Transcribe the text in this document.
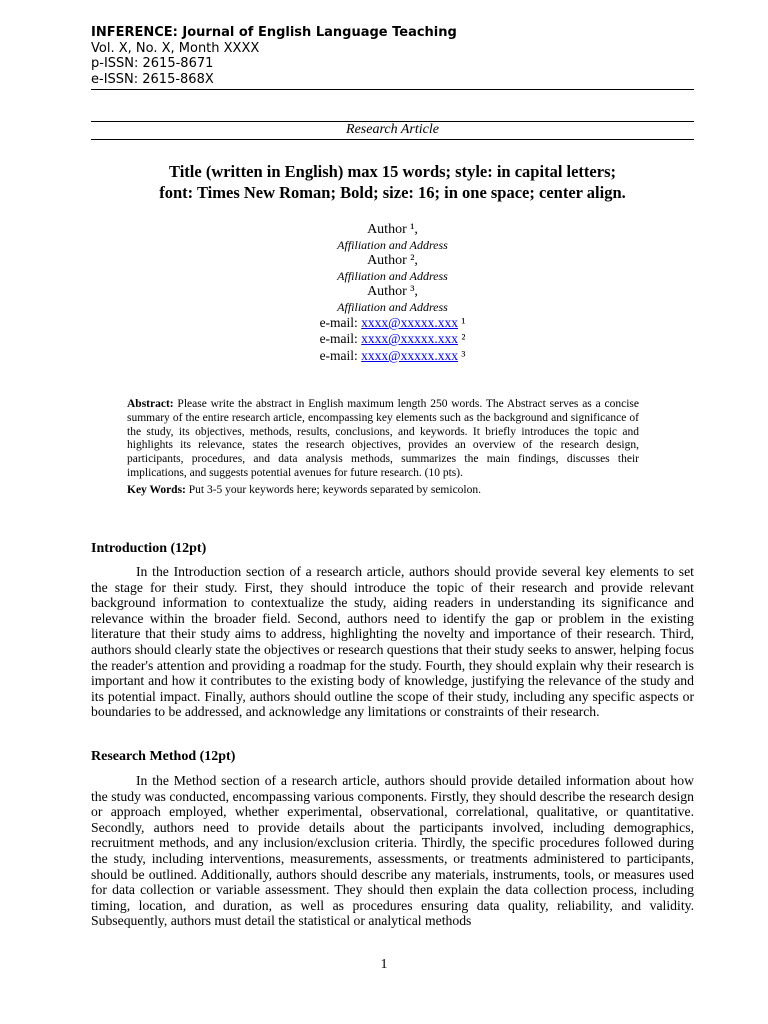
INFERENCE: Journal of English Language Teaching
Vol. X, No. X, Month XXXX
p-ISSN: 2615-8671
e-ISSN: 2615-868X
Research Article
Title (written in English) max 15 words; style: in capital letters;
font: Times New Roman; Bold; size: 16; in one space; center align.
Author ¹,
Affiliation and Address
Author ²,
Affiliation and Address
Author ³,
Affiliation and Address
e-mail: xxxx@xxxxx.xxx ¹
e-mail: xxxx@xxxxx.xxx ²
e-mail: xxxx@xxxxx.xxx ³

Abstract: Please write the abstract in English maximum length 250 words. The Abstract serves as a concise summary of the entire research article, encompassing key elements such as the background and significance of the study, its objectives, methods, results, conclusions, and keywords. It briefly introduces the topic and highlights its relevance, states the research objectives, provides an overview of the research design, participants, procedures, and data analysis methods, summarizes the main findings, discusses their implications, and suggests potential avenues for future research. (10 pts).

Key Words: Put 3-5 your keywords here; keywords separated by semicolon.

Introduction (12pt)

In the Introduction section of a research article, authors should provide several key elements to set the stage for their study. First, they should introduce the topic of their research and provide relevant background information to contextualize the study, aiding readers in understanding its significance and relevance within the broader field. Second, authors need to identify the gap or problem in the existing literature that their study aims to address, highlighting the novelty and importance of their research. Third, authors should clearly state the objectives or research questions that their study seeks to answer, helping focus the reader's attention and providing a roadmap for the study. Fourth, they should explain why their research is important and how it contributes to the existing body of knowledge, justifying the relevance of the study and its potential impact. Finally, authors should outline the scope of their study, including any specific aspects or boundaries to be addressed, and acknowledge any limitations or constraints of their research.

Research Method (12pt)

In the Method section of a research article, authors should provide detailed information about how the study was conducted, encompassing various components. Firstly, they should describe the research design or approach employed, whether experimental, observational, correlational, qualitative, or quantitative. Secondly, authors need to provide details about the participants involved, including demographics, recruitment methods, and any inclusion/exclusion criteria. Thirdly, the specific procedures followed during the study, including interventions, measurements, assessments, or treatments administered to participants, should be outlined. Additionally, authors should describe any materials, instruments, tools, or measures used for data collection or variable assessment. They should then explain the data collection process, including timing, location, and duration, as well as procedures ensuring data quality, reliability, and validity. Subsequently, authors must detail the statistical or analytical methods

1
